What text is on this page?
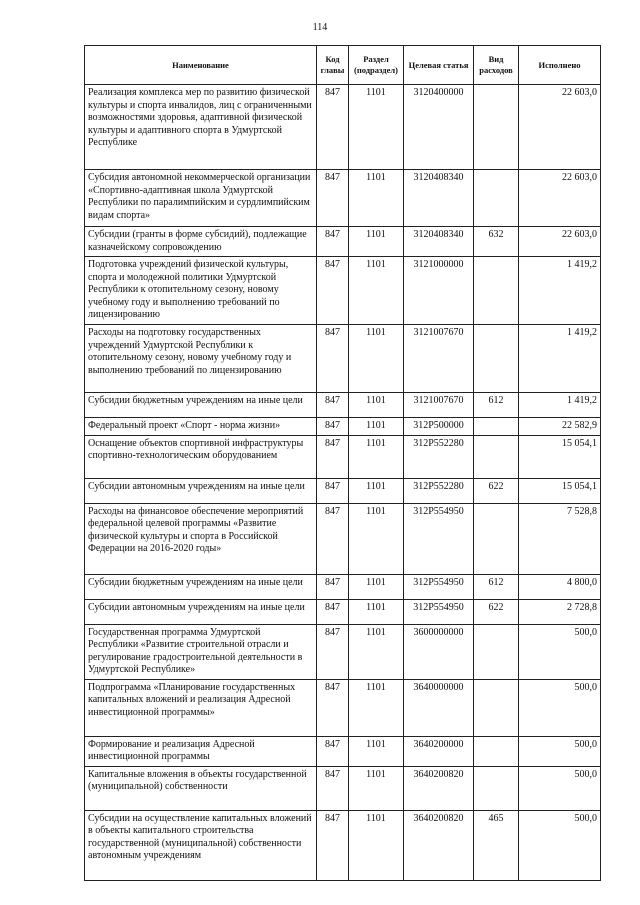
114
Наименование	Код главы	Раздел (подраздел)	Целевая статья	Вид расходов	Исполнено
Реализация комплекса мер по развитию физической культуры и спорта инвалидов, лиц с ограниченными возможностями здоровья, адаптивной физической культуры и адаптивного спорта в Удмуртской Республике	847	1101	3120400000		22 603,0
Субсидия автономной некоммерческой организации «Спортивно-адаптивная школа Удмуртской Республики по паралимпийским и сурдлимпийским видам спорта»	847	1101	3120408340		22 603,0
Субсидии (гранты в форме субсидий), подлежащие казначейскому сопровождению	847	1101	3120408340	632	22 603,0
Подготовка учреждений физической культуры, спорта и молодежной политики Удмуртской Республики к отопительному сезону, новому учебному году и выполнению требований по лицензированию	847	1101	3121000000		1 419,2
Расходы на подготовку государственных учреждений Удмуртской Республики к отопительному сезону, новому учебному году и выполнению требований по лицензированию	847	1101	3121007670		1 419,2
Субсидии бюджетным учреждениям на иные цели	847	1101	3121007670	612	1 419,2
Федеральный проект «Спорт - норма жизни»	847	1101	312P500000		22 582,9
Оснащение объектов спортивной инфраструктуры спортивно-технологическим оборудованием	847	1101	312P552280		15 054,1
Субсидии автономным учреждениям на иные цели	847	1101	312P552280	622	15 054,1
Расходы на финансовое обеспечение мероприятий федеральной целевой программы «Развитие физической культуры и спорта в Российской Федерации на 2016-2020 годы»	847	1101	312P554950		7 528,8
Субсидии бюджетным учреждениям на иные цели	847	1101	312P554950	612	4 800,0
Субсидии автономным учреждениям на иные цели	847	1101	312P554950	622	2 728,8
Государственная программа Удмуртской Республики «Развитие строительной отрасли и регулирование градостроительной деятельности в Удмуртской Республике»	847	1101	3600000000		500,0
Подпрограмма «Планирование государственных капитальных вложений и реализация Адресной инвестиционной программы»	847	1101	3640000000		500,0
Формирование и реализация Адресной инвестиционной программы	847	1101	3640200000		500,0
Капитальные вложения в объекты государственной (муниципальной) собственности	847	1101	3640200820		500,0
Субсидии на осуществление капитальных вложений в объекты капитального строительства государственной (муниципальной) собственности автономным учреждениям	847	1101	3640200820	465	500,0
